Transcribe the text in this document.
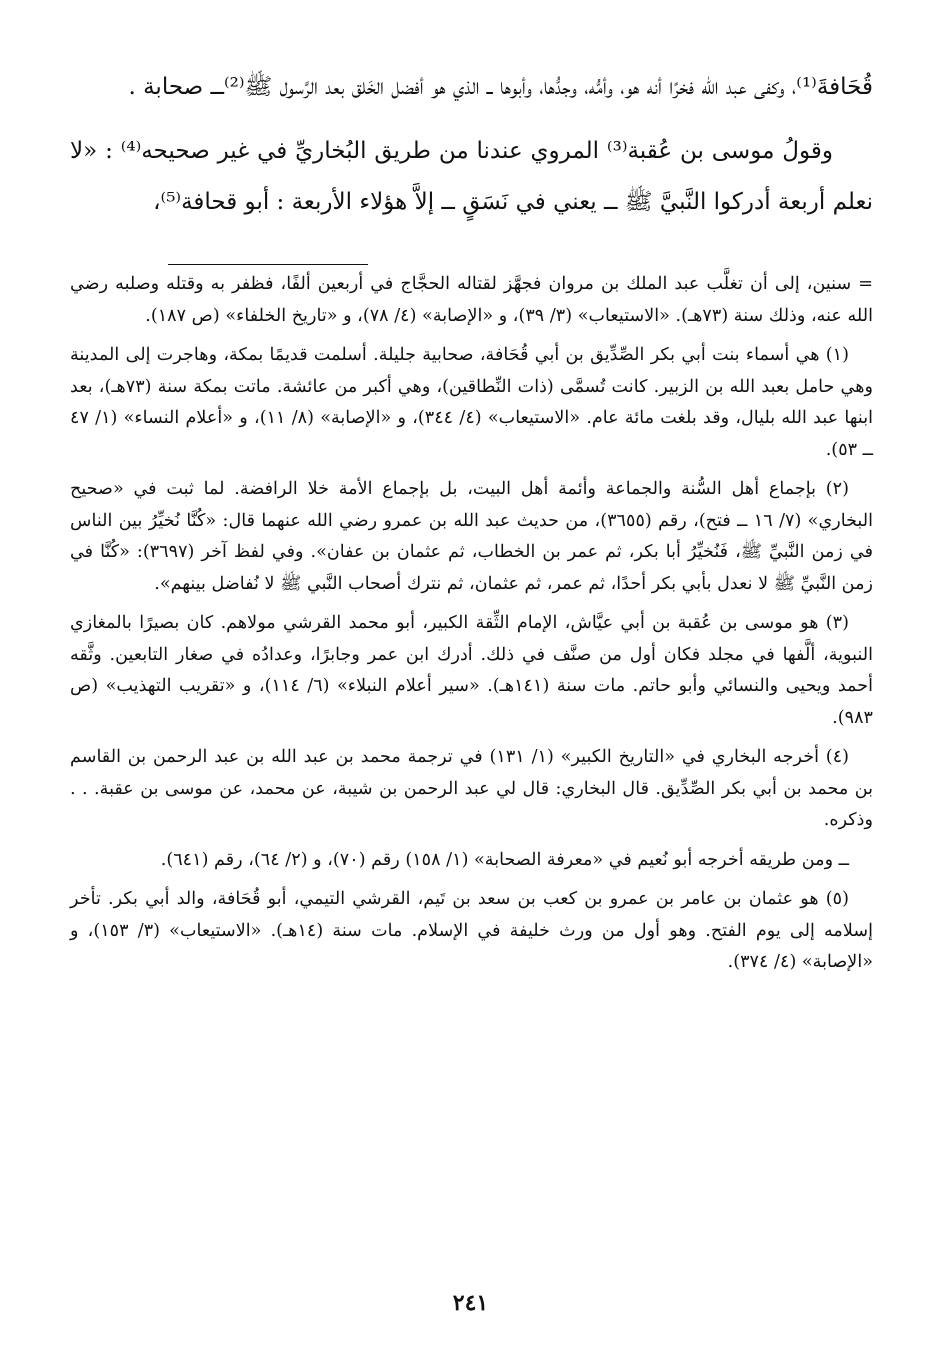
قُحَافةَ⁽¹⁾، وكفى عبد الله فخرًا أنه هو، وأمُّه، وجدُّها، وأبوها ــ الذي هو أفضل الخَلق بعد الرَّسول ﷺ⁽²⁾ــ صحابة .

وقولُ موسى بن عُقبة⁽³⁾ المروي عندنا من طريق البُخاريِّ في غير صحيحه⁽⁴⁾ : «لا نعلم أربعة أدركوا النَّبيَّ ﷺ ــ يعني في نَسَقٍ ــ إلاَّ هؤلاء الأربعة : أبو قحافة⁽⁵⁾،

= سنين، إلى أن تغلَّب عبد الملك بن مروان فجهَّز لقتاله الحجَّاج في أربعين ألفًا، فظفر به وقتله وصلبه رضي الله عنه، وذلك سنة (٧٣هـ). «الاستيعاب» (٣/ ٣٩)، و «الإصابة» (٤/ ٧٨)، و «تاريخ الخلفاء» (ص ١٨٧).

(١) هي أسماء بنت أبي بكر الصِّدِّيق بن أبي قُحَافة، صحابية جليلة. أسلمت قديمًا بمكة، وهاجرت إلى المدينة وهي حامل بعبد الله بن الزبير. كانت تُسمَّى (ذات النِّطاقين)، وهي أكبر من عائشة. ماتت بمكة سنة (٧٣هـ)، بعد ابنها عبد الله بليال، وقد بلغت مائة عام. «الاستيعاب» (٤/ ٣٤٤)، و «الإصابة» (٨/ ١١)، و «أعلام النساء» (١/ ٤٧ ــ ٥٣).

(٢) بإجماع أهل السُّنة والجماعة وأئمة أهل البيت، بل بإجماع الأمة خلا الرافضة. لما ثبت في «صحيح البخاري» (٧/ ١٦ ــ فتح)، رقم (٣٦٥٥)، من حديث عبد الله بن عمرو رضي الله عنهما قال: «كُنَّا نُخيِّرُ بين الناس في زمن النَّبيِّ ﷺ، فَنُخيِّرُ أبا بكر، ثم عمر بن الخطاب، ثم عثمان بن عفان». وفي لفظ آخر (٣٦٩٧): «كُنَّا في زمن النَّبيِّ ﷺ لا نعدل بأبي بكر أحدًا، ثم عمر، ثم عثمان، ثم نترك أصحاب النَّبي ﷺ لا نُفاضل بينهم».

(٣) هو موسى بن عُقبة بن أبي عيَّاش، الإمام الثِّقة الكبير، أبو محمد القرشي مولاهم. كان بصيرًا بالمغازي النبوية، ألَّفها في مجلد فكان أول من صنَّف في ذلك. أدرك ابن عمر وجابرًا، وعدادُه في صغار التابعين. وثَّقه أحمد ويحيى والنسائي وأبو حاتم. مات سنة (١٤١هـ). «سير أعلام النبلاء» (٦/ ١١٤)، و «تقريب التهذيب» (ص ٩٨٣).

(٤) أخرجه البخاري في «التاريخ الكبير» (١/ ١٣١) في ترجمة محمد بن عبد الله بن عبد الرحمن بن القاسم بن محمد بن أبي بكر الصِّدِّيق. قال البخاري: قال لي عبد الرحمن بن شيبة، عن محمد، عن موسى بن عقبة. . . وذكره.

ــ ومن طريقه أخرجه أبو نُعيم في «معرفة الصحابة» (١/ ١٥٨) رقم (٧٠)، و (٢/ ٦٤)، رقم (٦٤١).

(٥) هو عثمان بن عامر بن عمرو بن كعب بن سعد بن تَيم، القرشي التيمي، أبو قُحَافة، والد أبي بكر. تأخر إسلامه إلى يوم الفتح. وهو أول من ورث خليفة في الإسلام. مات سنة (١٤هـ). «الاستيعاب» (٣/ ١٥٣)، و «الإصابة» (٤/ ٣٧٤).

٢٤١
